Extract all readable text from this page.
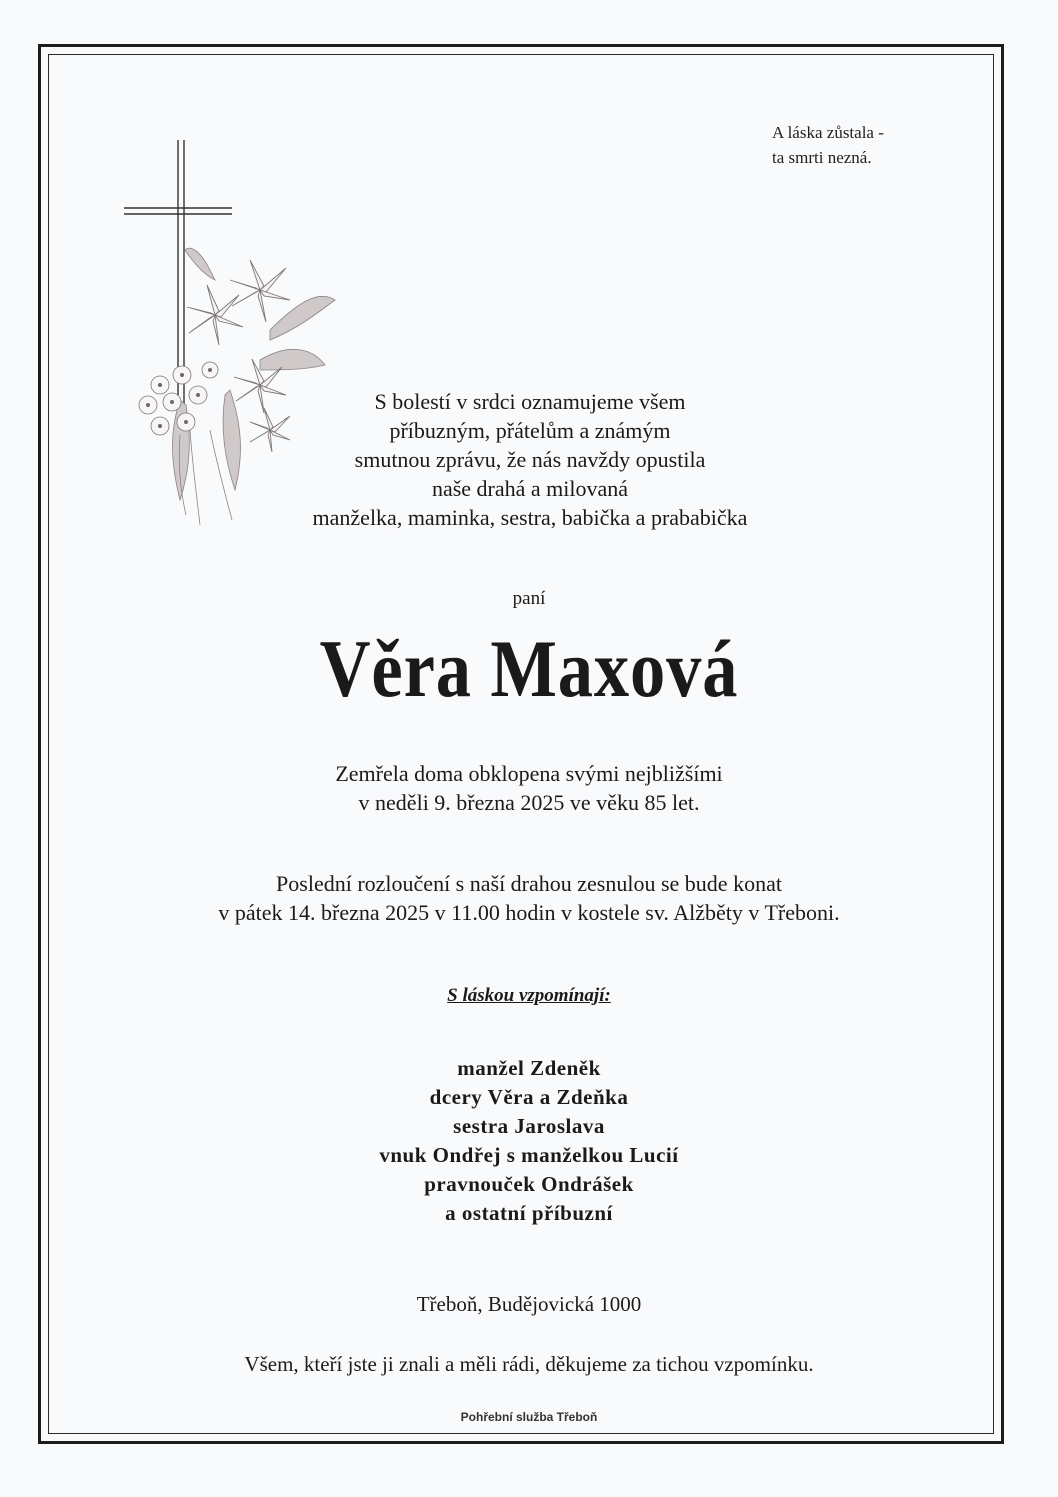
A láska zůstala -
ta smrti nezná.
S bolestí v srdci oznamujeme všem
příbuzným, přátelům a známým
smutnou zprávu, že nás navždy opustila
naše drahá a milovaná
manželka, maminka, sestra, babička a prababička
paní
Věra Maxová
Zemřela doma obklopena svými nejbližšími
v neděli 9. března 2025 ve věku 85 let.
Poslední rozloučení s naší drahou zesnulou se bude konat
v pátek 14. března 2025 v 11.00 hodin v kostele sv. Alžběty v Třeboni.
S láskou vzpomínají:
manžel Zdeněk
dcery Věra a Zdeňka
sestra Jaroslava
vnuk Ondřej s manželkou Lucií
pravnouček Ondrášek
a ostatní příbuzní
Třeboň, Budějovická 1000
Všem, kteří jste ji znali a měli rádi, děkujeme za tichou vzpomínku.
Pohřební služba Třeboň
